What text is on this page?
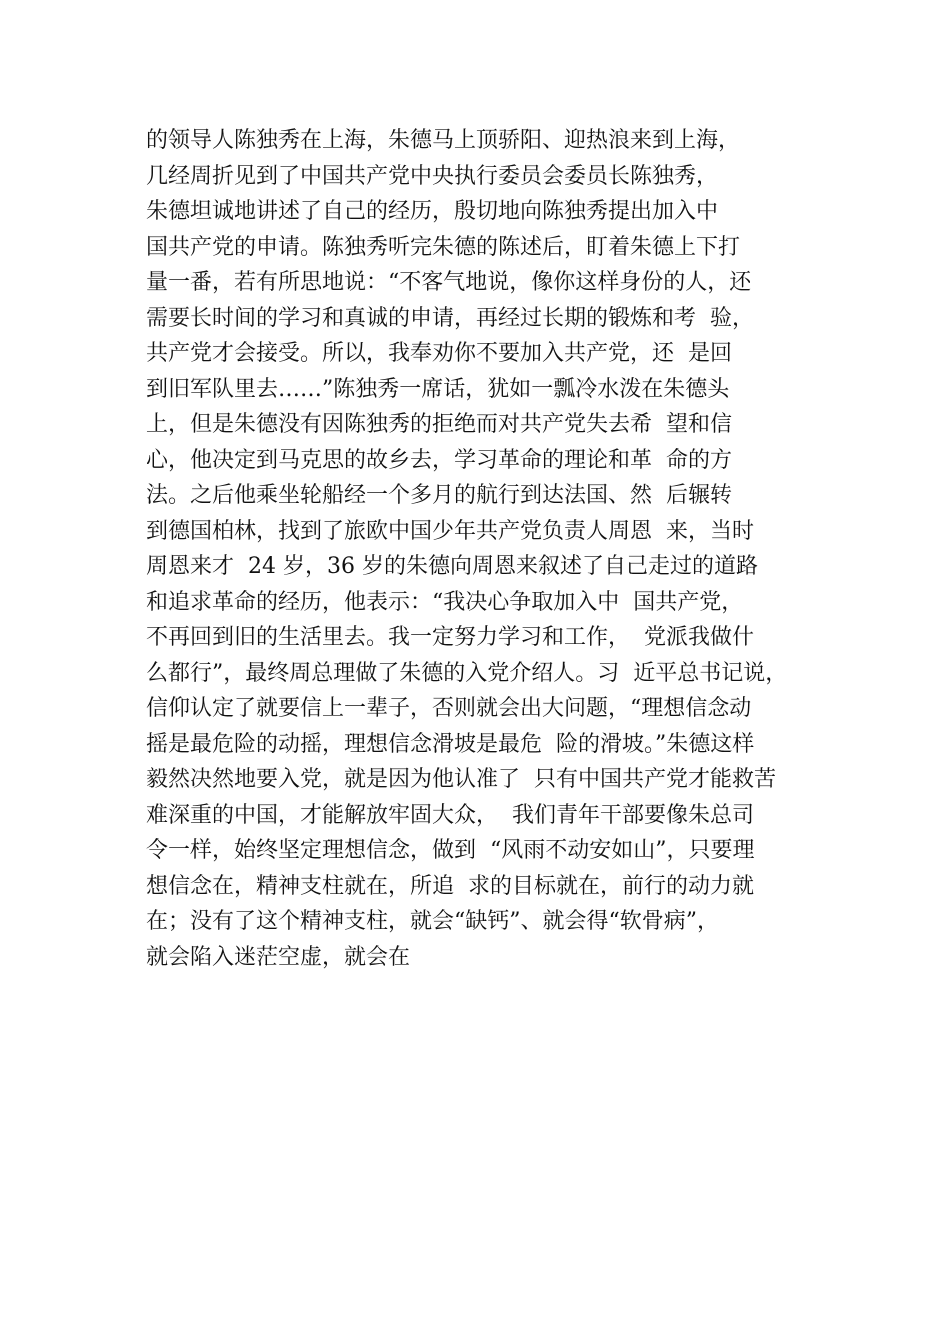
的领导人陈独秀在上海，朱德马上顶骄阳、迎热浪来到上海，
几经周折见到了中国共产党中央执行委员会委员长陈独秀，
朱德坦诚地讲述了自己的经历，殷切地向陈独秀提出加入中
国共产党的申请。陈独秀听完朱德的陈述后，盯着朱德上下打
量一番，若有所思地说：“不客气地说，像你这样身份的人，还
需要长时间的学习和真诚的申请，再经过长期的锻炼和考  验，
共产党才会接受。所以，我奉劝你不要加入共产党，还  是回
到旧军队里去……”陈独秀一席话，犹如一瓢冷水泼在朱德头
上，但是朱德没有因陈独秀的拒绝而对共产党失去希  望和信
心，他决定到马克思的故乡去，学习革命的理论和革  命的方
法。之后他乘坐轮船经一个多月的航行到达法国、然  后辗转
到德国柏林，找到了旅欧中国少年共产党负责人周恩  来，当时
周恩来才  24 岁，36 岁的朱德向周恩来叙述了自己走过的道路
和追求革命的经历，他表示：“我决心争取加入中  国共产党，
不再回到旧的生活里去。我一定努力学习和工作，  党派我做什
么都行”，最终周总理做了朱德的入党介绍人。习  近平总书记说，
信仰认定了就要信上一辈子，否则就会出大问题，“理想信念动
摇是最危险的动摇，理想信念滑坡是最危  险的滑坡。”朱德这样
毅然决然地要入党，就是因为他认准了  只有中国共产党才能救苦
难深重的中国，才能解放牢固大众，  我们青年干部要像朱总司
令一样，始终坚定理想信念，做到  “风雨不动安如山”，只要理
想信念在，精神支柱就在，所追  求的目标就在，前行的动力就
在；没有了这个精神支柱，就会“缺钙”、就会得“软骨病”，
就会陷入迷茫空虚，就会在
